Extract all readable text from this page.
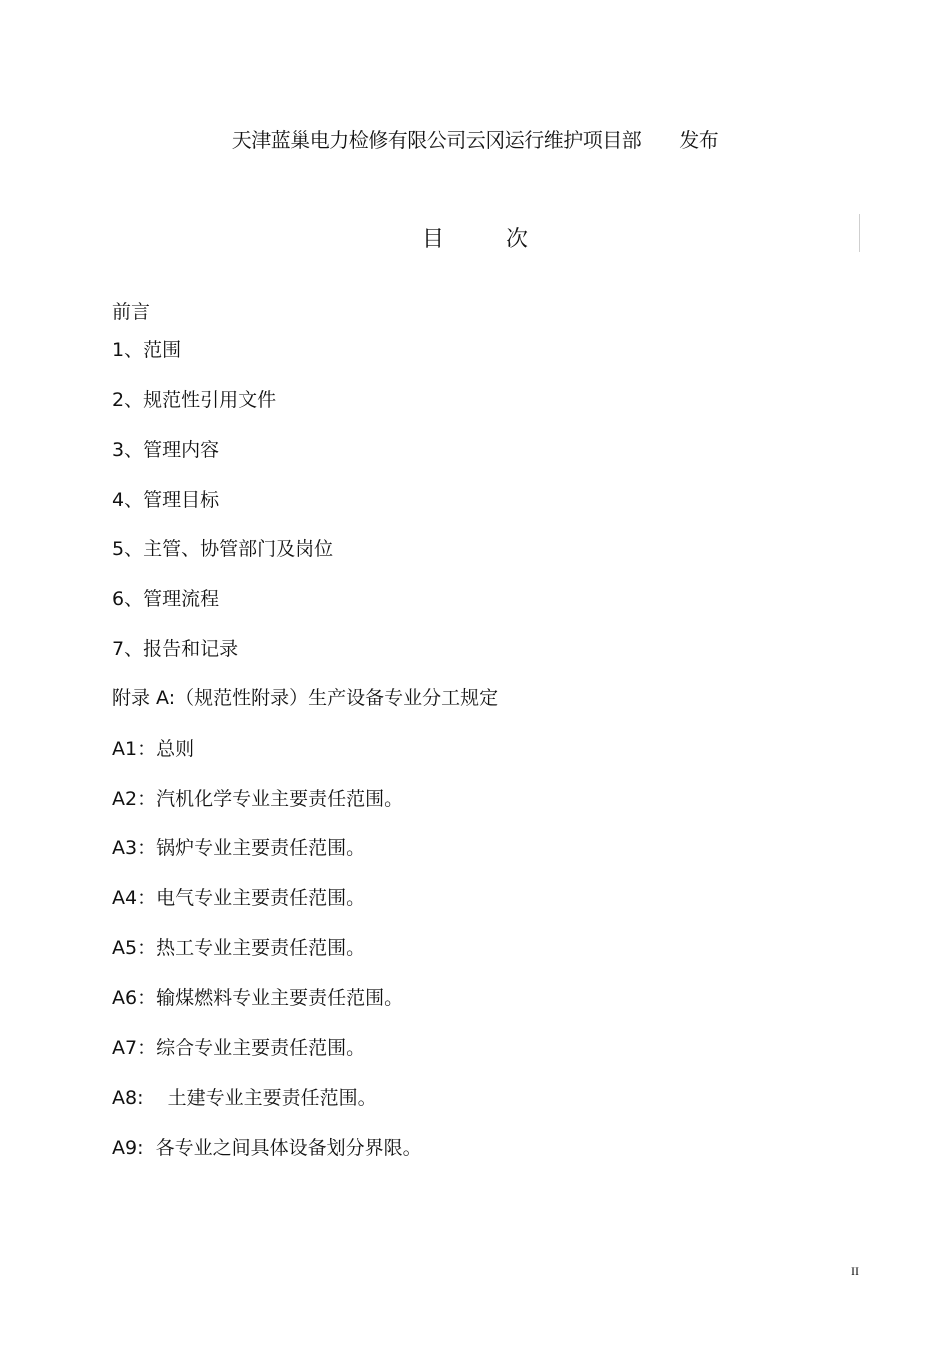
天津蓝巢电力检修有限公司云冈运行维护项目部 发布
目	次
前言
1、范围
2、规范性引用文件
3、管理内容
4、管理目标
5、主管、协管部门及岗位
6、管理流程
7、报告和记录
附录 A:（规范性附录）生产设备专业分工规定
A1：总则
A2：汽机化学专业主要责任范围。
A3：锅炉专业主要责任范围。
A4：电气专业主要责任范围。
A5：热工专业主要责任范围。
A6：输煤燃料专业主要责任范围。
A7：综合专业主要责任范围。
A8:    土建专业主要责任范围。
A9:  各专业之间具体设备划分界限。
II
